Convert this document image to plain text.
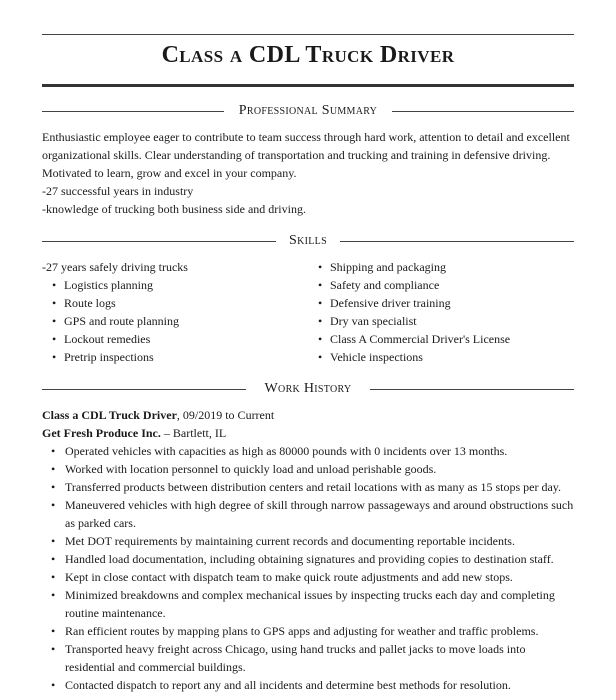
Class a CDL Truck Driver
Professional Summary

Enthusiastic employee eager to contribute to team success through hard work, attention to detail and excellent organizational skills. Clear understanding of transportation and trucking and training in defensive driving. Motivated to learn, grow and excel in your company.

-27 successful years in industry

-knowledge of trucking both business side and driving.

Skills
-27 years safely driving trucks
• Logistics planning
• Route logs
• GPS and route planning
• Lockout remedies
• Pretrip inspections
• Shipping and packaging
• Safety and compliance
• Defensive driver training
• Dry van specialist
• Class A Commercial Driver's License
• Vehicle inspections
Work History
Class a CDL Truck Driver, 09/2019 to Current
Get Fresh Produce Inc. – Bartlett, IL
• Operated vehicles with capacities as high as 80000 pounds with 0 incidents over 13 months.
• Worked with location personnel to quickly load and unload perishable goods.
• Transferred products between distribution centers and retail locations with as many as 15 stops per day.
• Maneuvered vehicles with high degree of skill through narrow passageways and around obstructions such as parked cars.
• Met DOT requirements by maintaining current records and documenting reportable incidents.
• Handled load documentation, including obtaining signatures and providing copies to destination staff.
• Kept in close contact with dispatch team to make quick route adjustments and add new stops.
• Minimized breakdowns and complex mechanical issues by inspecting trucks each day and completing routine maintenance.
• Ran efficient routes by mapping plans to GPS apps and adjusting for weather and traffic problems.
• Transported heavy freight across Chicago, using hand trucks and pallet jacks to move loads into residential and commercial buildings.
• Contacted dispatch to report any and all incidents and determine best methods for resolution.
